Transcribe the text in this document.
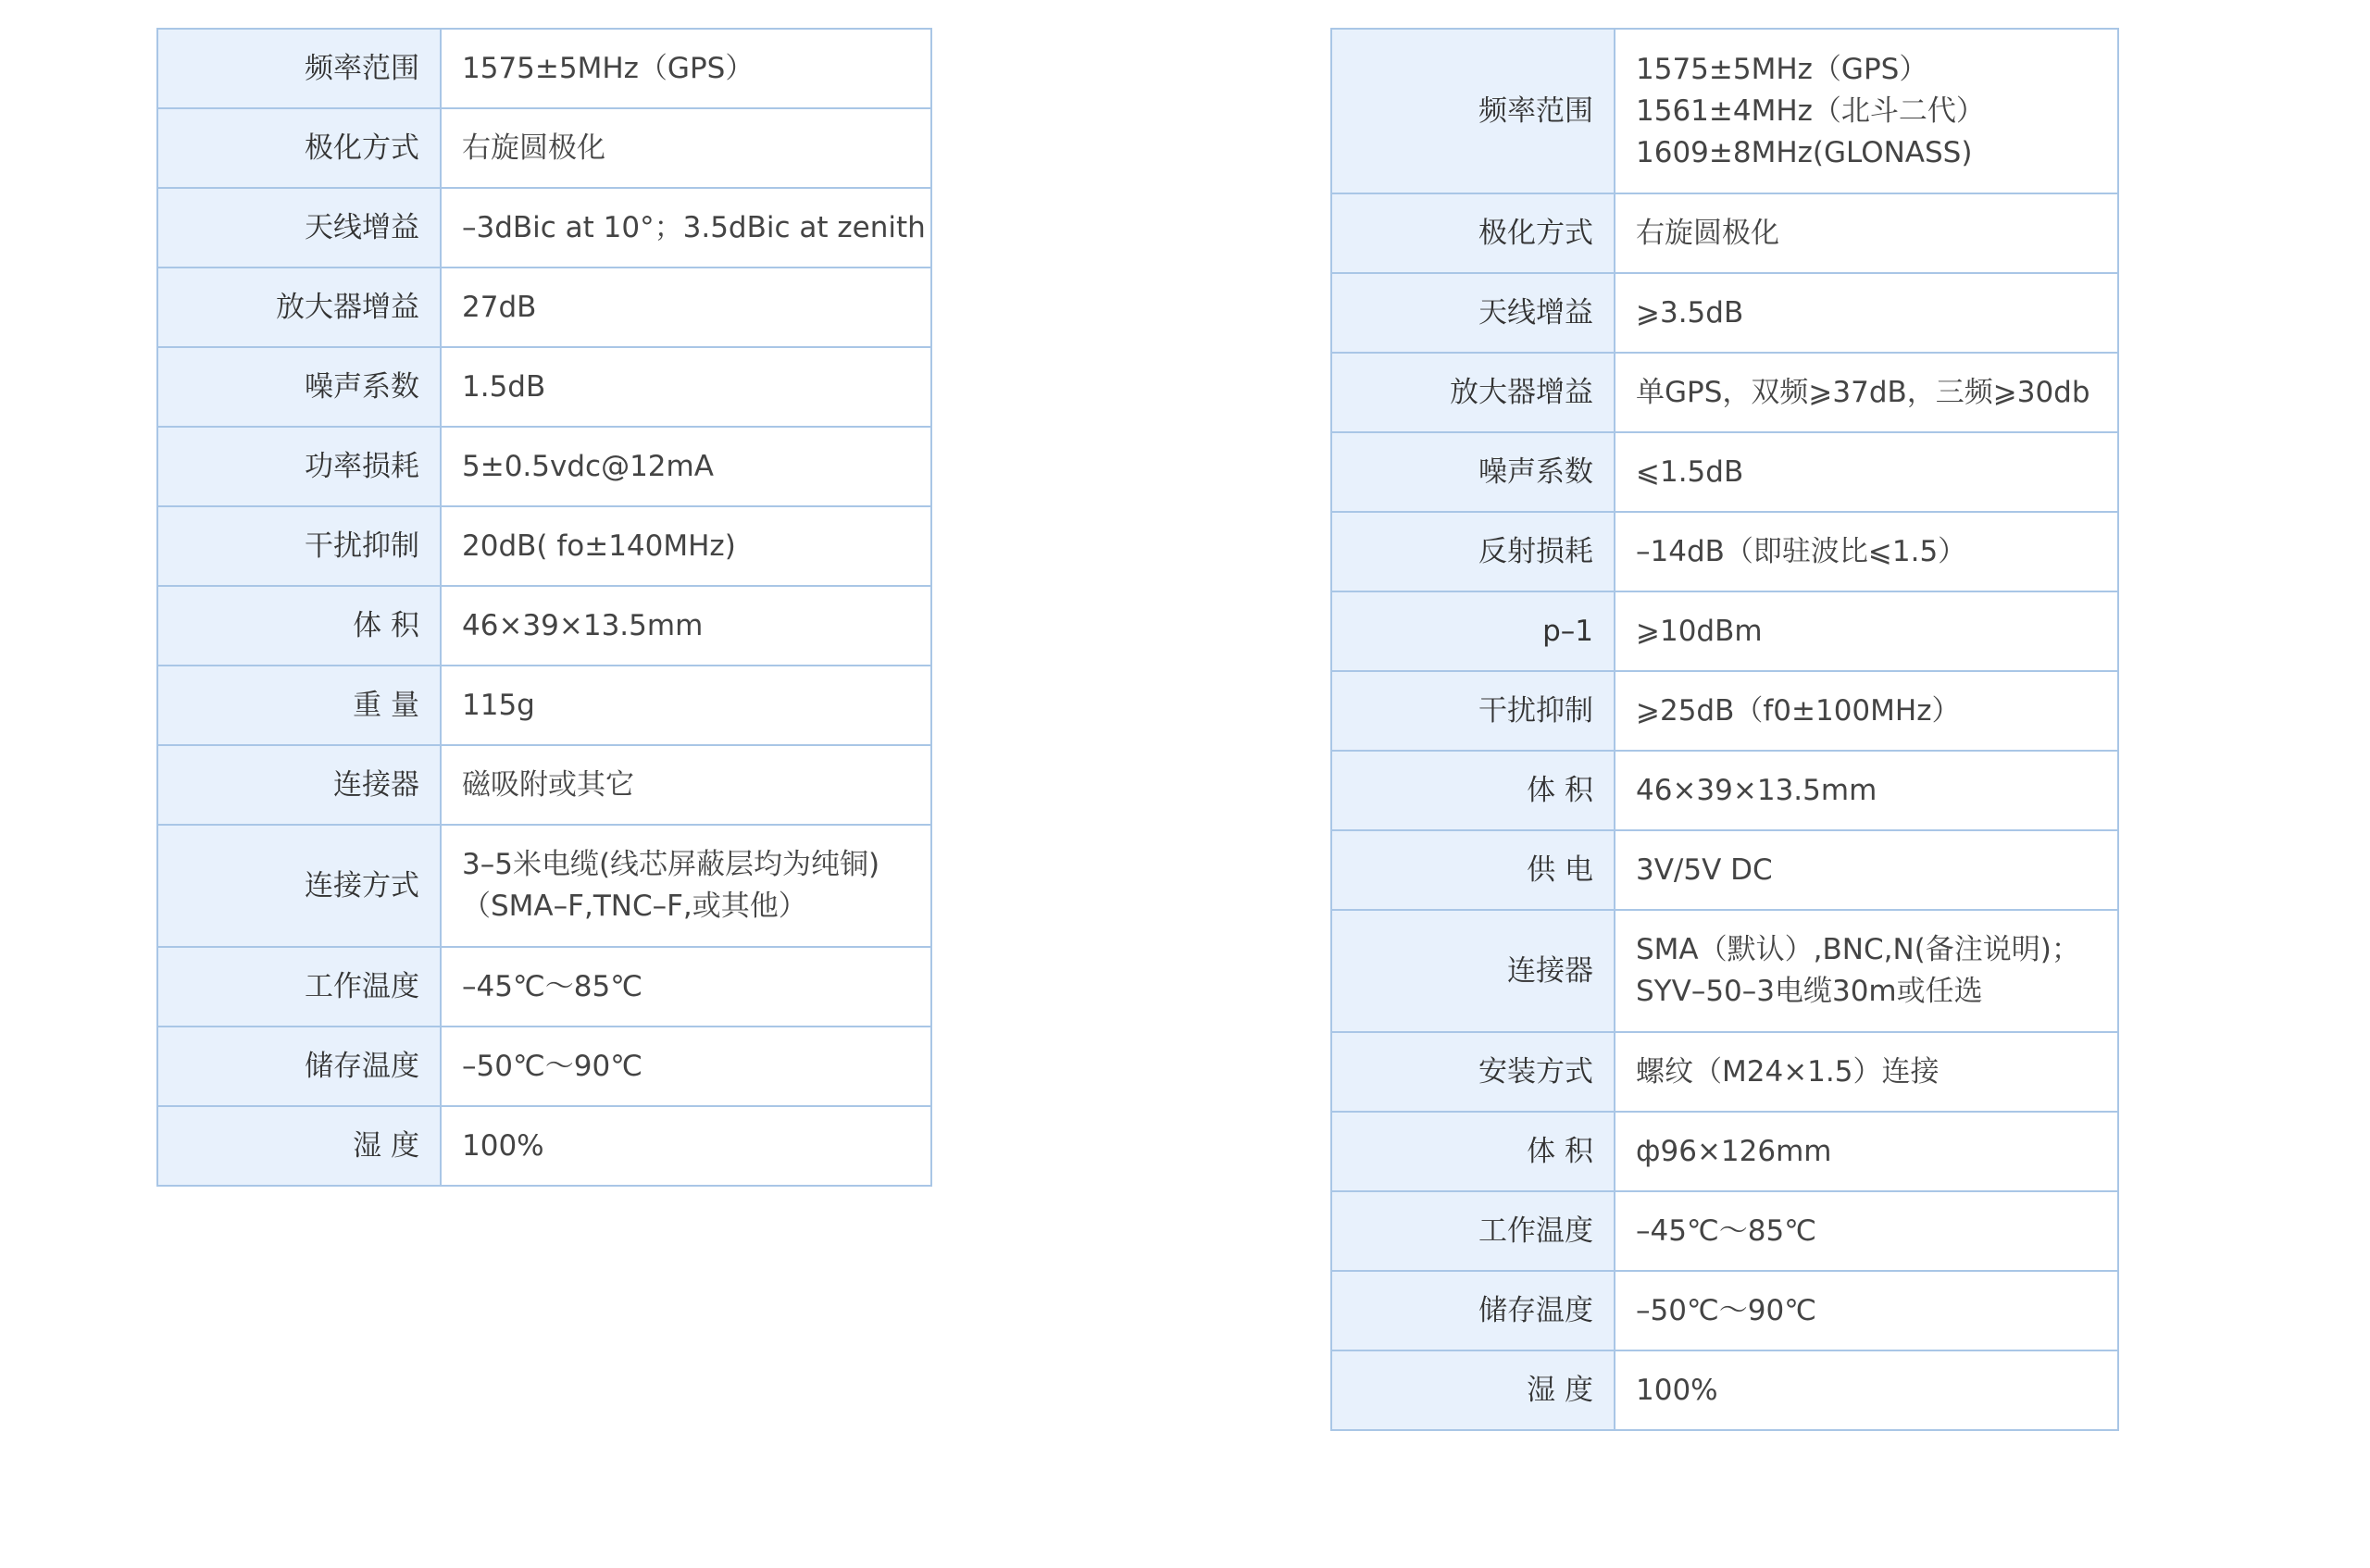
频率范围	1575±5MHz（GPS）
极化方式	右旋圆极化
天线增益	–3dBic at 10°；3.5dBic at zenith
放大器增益	27dB
噪声系数	1.5dB
功率损耗	5±0.5vdc@12mA
干扰抑制	20dB( fo±140MHz)
体 积	46×39×13.5mm
重 量	115g
连接器	磁吸附或其它
连接方式	3–5米电缆(线芯屏蔽层均为纯铜)
（SMA–F,TNC–F,或其他）

工作温度	–45℃～85℃
储存温度	–50℃～90℃
湿 度	100%
频率范围	1575±5MHz（GPS）
1561±4MHz（北斗二代）
1609±8MHz(GLONASS)

极化方式	右旋圆极化
天线增益	⩾3.5dB
放大器增益	单GPS，双频⩾37dB，三频⩾30db
噪声系数	⩽1.5dB
反射损耗	–14dB（即驻波比⩽1.5）
p–1	⩾10dBm
干扰抑制	⩾25dB（f0±100MHz）
体 积	46×39×13.5mm
供 电	3V/5V DC
连接器	SMA（默认）,BNC,N(备注说明)；
SYV–50–3电缆30m或任选

安装方式	螺纹（M24×1.5）连接
体 积	ф96×126mm
工作温度	–45℃～85℃
储存温度	–50℃～90℃
湿 度	100%
